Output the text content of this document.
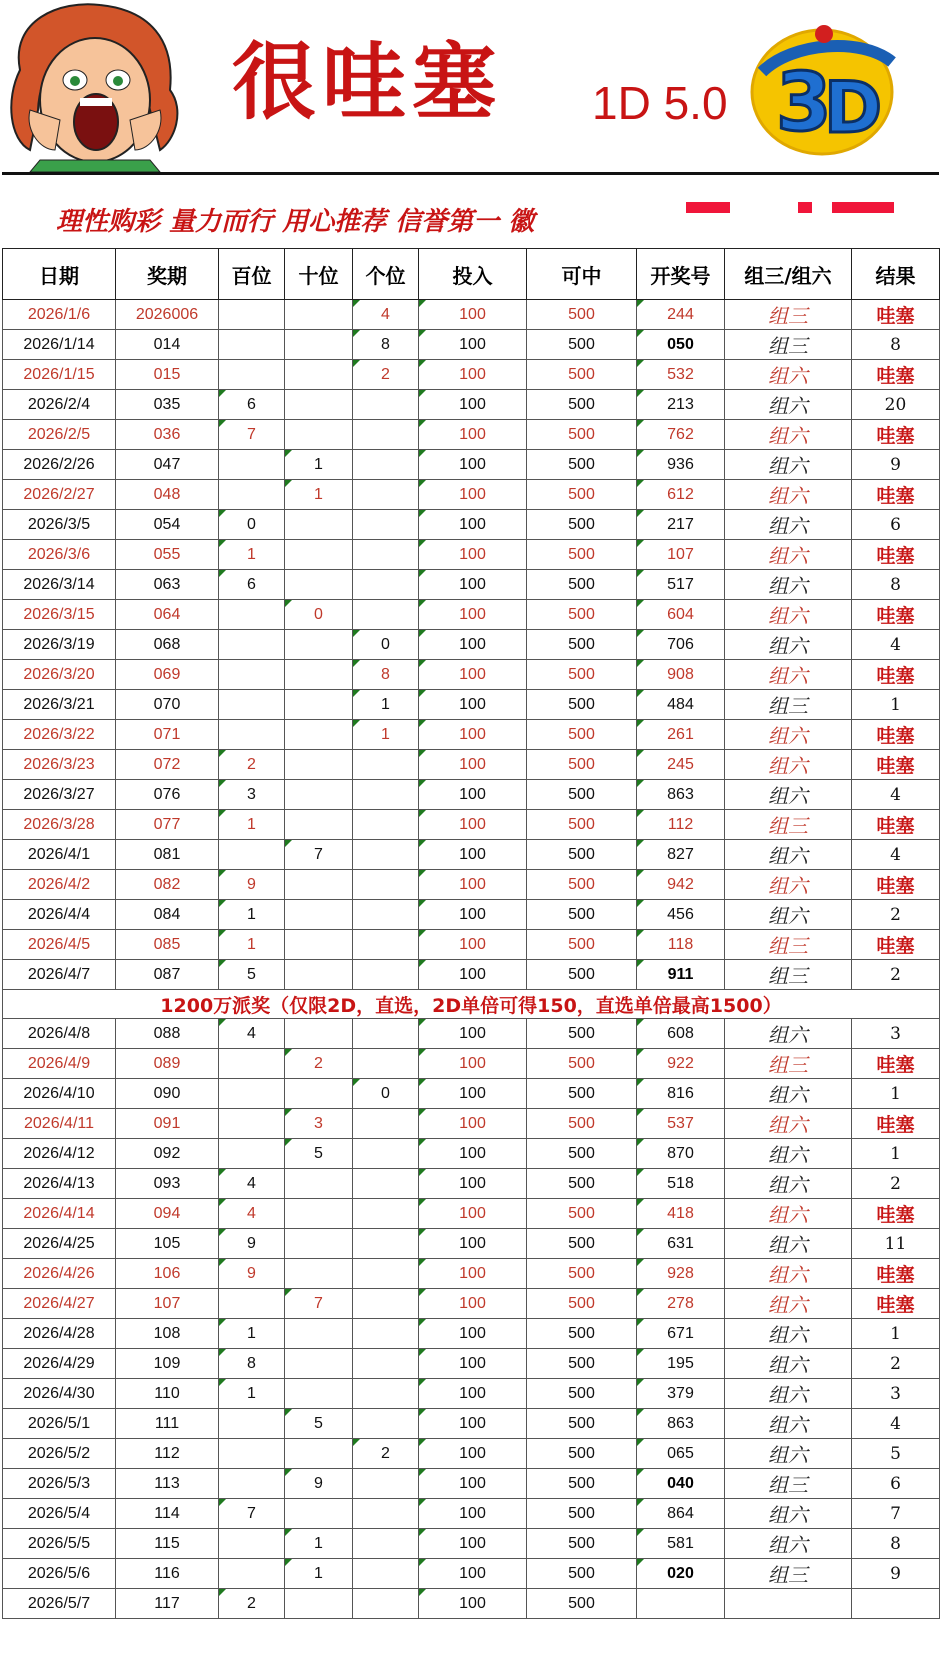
很哇塞 1D 5.0 3
D
理性购彩 量力而行 用心推荐 信誉第一 徽
日期	奖期	百位	十位	个位	投入	可中	开奖号	组三/组六	结果
2026/1/6	2026006			4	100	500	244	组三	哇塞
2026/1/14	014			8	100	500	050	组三	8
2026/1/15	015			2	100	500	532	组六	哇塞
2026/2/4	035	6			100	500	213	组六	20
2026/2/5	036	7			100	500	762	组六	哇塞
2026/2/26	047		1		100	500	936	组六	9
2026/2/27	048		1		100	500	612	组六	哇塞
2026/3/5	054	0			100	500	217	组六	6
2026/3/6	055	1			100	500	107	组六	哇塞
2026/3/14	063	6			100	500	517	组六	8
2026/3/15	064		0		100	500	604	组六	哇塞
2026/3/19	068			0	100	500	706	组六	4
2026/3/20	069			8	100	500	908	组六	哇塞
2026/3/21	070			1	100	500	484	组三	1
2026/3/22	071			1	100	500	261	组六	哇塞
2026/3/23	072	2			100	500	245	组六	哇塞
2026/3/27	076	3			100	500	863	组六	4
2026/3/28	077	1			100	500	112	组三	哇塞
2026/4/1	081		7		100	500	827	组六	4
2026/4/2	082	9			100	500	942	组六	哇塞
2026/4/4	084	1			100	500	456	组六	2
2026/4/5	085	1			100	500	118	组三	哇塞
2026/4/7	087	5			100	500	911	组三	2
1200万派奖（仅限2D，直选，2D单倍可得150，直选单倍最高1500）									
2026/4/8	088	4			100	500	608	组六	3
2026/4/9	089		2		100	500	922	组三	哇塞
2026/4/10	090			0	100	500	816	组六	1
2026/4/11	091		3		100	500	537	组六	哇塞
2026/4/12	092		5		100	500	870	组六	1
2026/4/13	093	4			100	500	518	组六	2
2026/4/14	094	4			100	500	418	组六	哇塞
2026/4/25	105	9			100	500	631	组六	11
2026/4/26	106	9			100	500	928	组六	哇塞
2026/4/27	107		7		100	500	278	组六	哇塞
2026/4/28	108	1			100	500	671	组六	1
2026/4/29	109	8			100	500	195	组六	2
2026/4/30	110	1			100	500	379	组六	3
2026/5/1	111		5		100	500	863	组六	4
2026/5/2	112			2	100	500	065	组六	5
2026/5/3	113		9		100	500	040	组三	6
2026/5/4	114	7			100	500	864	组六	7
2026/5/5	115		1		100	500	581	组六	8
2026/5/6	116		1		100	500	020	组三	9
2026/5/7	117	2			100	500			
